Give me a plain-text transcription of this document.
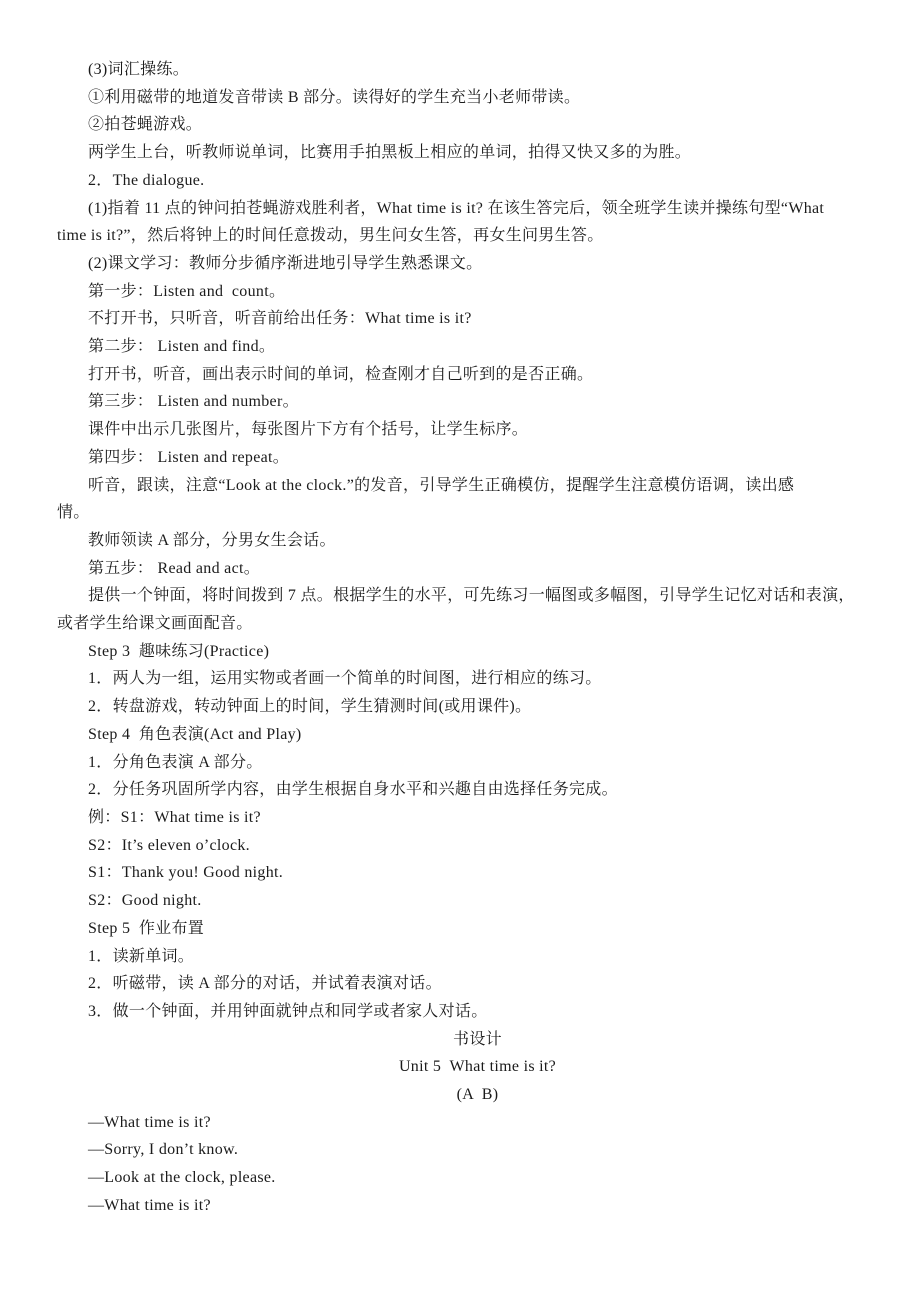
(3)词汇操练。
①利用磁带的地道发音带读 B 部分。读得好的学生充当小老师带读。
②拍苍蝇游戏。
两学生上台，听教师说单词，比赛用手拍黑板上相应的单词，拍得又快又多的为胜。
2．The dialogue.
(1)指着 11 点的钟问拍苍蝇游戏胜利者，What time is it? 在该生答完后，领全班学生读并操练句型“What
time is it?”，然后将钟上的时间任意拨动，男生问女生答，再女生问男生答。
(2)课文学习：教师分步循序渐进地引导学生熟悉课文。
第一步：Listen and  count。
不打开书，只听音，听音前给出任务：What time is it?
第二步： Listen and find。
打开书，听音，画出表示时间的单词，检查刚才自己听到的是否正确。
第三步： Listen and number。
课件中出示几张图片，每张图片下方有个括号，让学生标序。
第四步： Listen and repeat。
听音，跟读，注意“Look at the clock.”的发音，引导学生正确模仿，提醒学生注意模仿语调，读出感
情。
教师领读 A 部分，分男女生会话。
第五步： Read and act。
提供一个钟面，将时间拨到 7 点。根据学生的水平，可先练习一幅图或多幅图，引导学生记忆对话和表演，
或者学生给课文画面配音。
Step 3  趣味练习(Practice)
1．两人为一组，运用实物或者画一个简单的时间图，进行相应的练习。
2．转盘游戏，转动钟面上的时间，学生猜测时间(或用课件)。
Step 4  角色表演(Act and Play)
1．分角色表演 A 部分。
2．分任务巩固所学内容，由学生根据自身水平和兴趣自由选择任务完成。
例：S1：What time is it?
S2：It’s eleven o’clock.
S1：Thank you! Good night.
S2：Good night.
Step 5  作业布置
1．读新单词。
2．听磁带，读 A 部分的对话，并试着表演对话。
3．做一个钟面，并用钟面就钟点和同学或者家人对话。
书设计
Unit 5  What time is it?
(A  B)
—What time is it?
—Sorry, I don’t know.
—Look at the clock, please.
—What time is it?
